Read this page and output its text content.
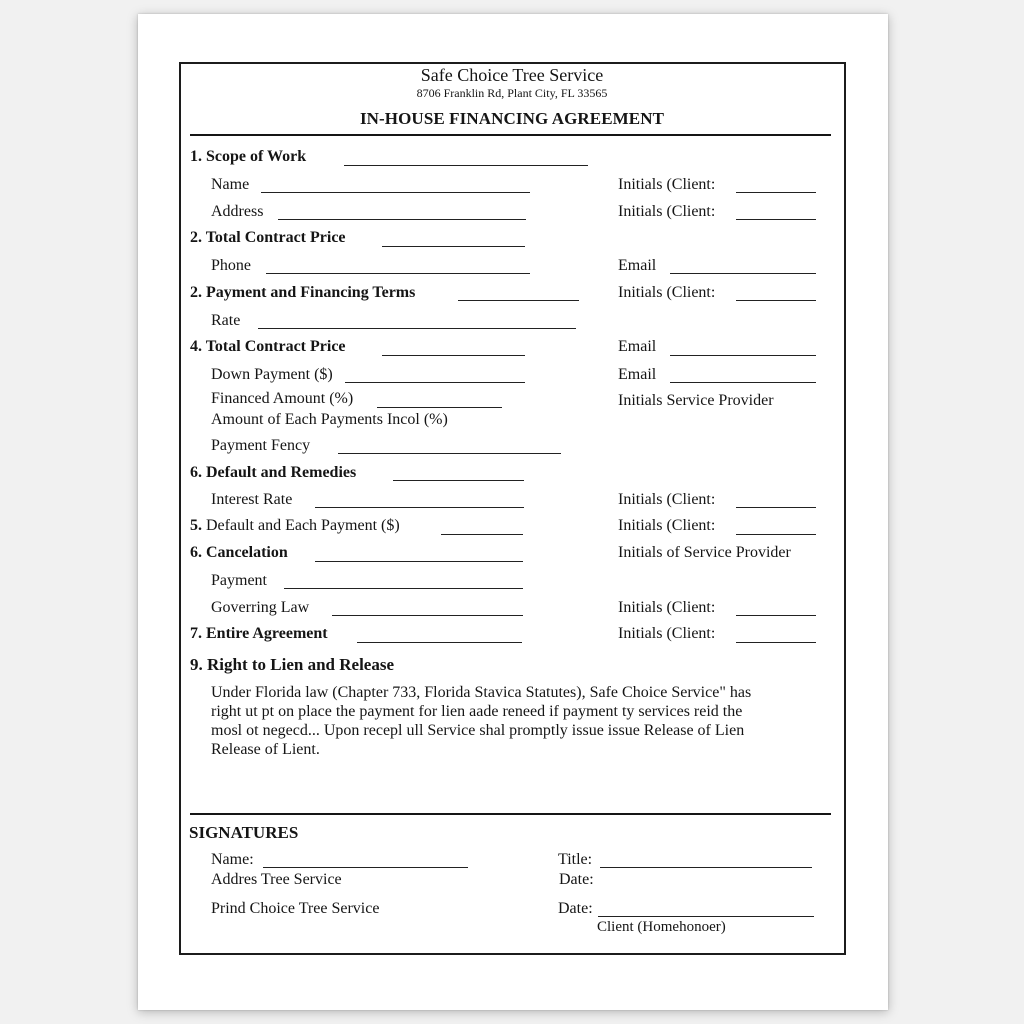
Safe Choice Tree Service
8706 Franklin Rd, Plant City, FL 33565
IN-HOUSE FINANCING AGREEMENT
1. Scope of Work
Name	Initials (Client:
Address	Initials (Client:
2. Total Contract Price
Phone	Email
2. Payment and Financing Terms	Initials (Client:
Rate
4. Total Contract Price	Email
Down Payment ($)	Email
Financed Amount (%)	Initials Service Provider
Amount of Each Payments Incol (%)
Payment Fency
6. Default and Remedies
Interest Rate	Initials (Client:
5. Default and Each Payment ($)	Initials (Client:
6. Cancelation	Initials of Service Provider
Payment
Goverring Law	Initials (Client:
7. Entire Agreement	Initials (Client:
9. Right to Lien and Release

Under Florida law (Chapter 733, Florida Stavica Statutes), Safe Choice Service" has

right ut pt on place the payment for lien aade reneed if payment ty services reid the

mosl ot negecd... Upon recepl ull Service shal promptly issue issue Release of Lien

Release of Lient.

SIGNATURES
Name:	Title:
Addres Tree Service	Date:
Prind Choice Tree Service	Date:
Client (Homehonoer)
